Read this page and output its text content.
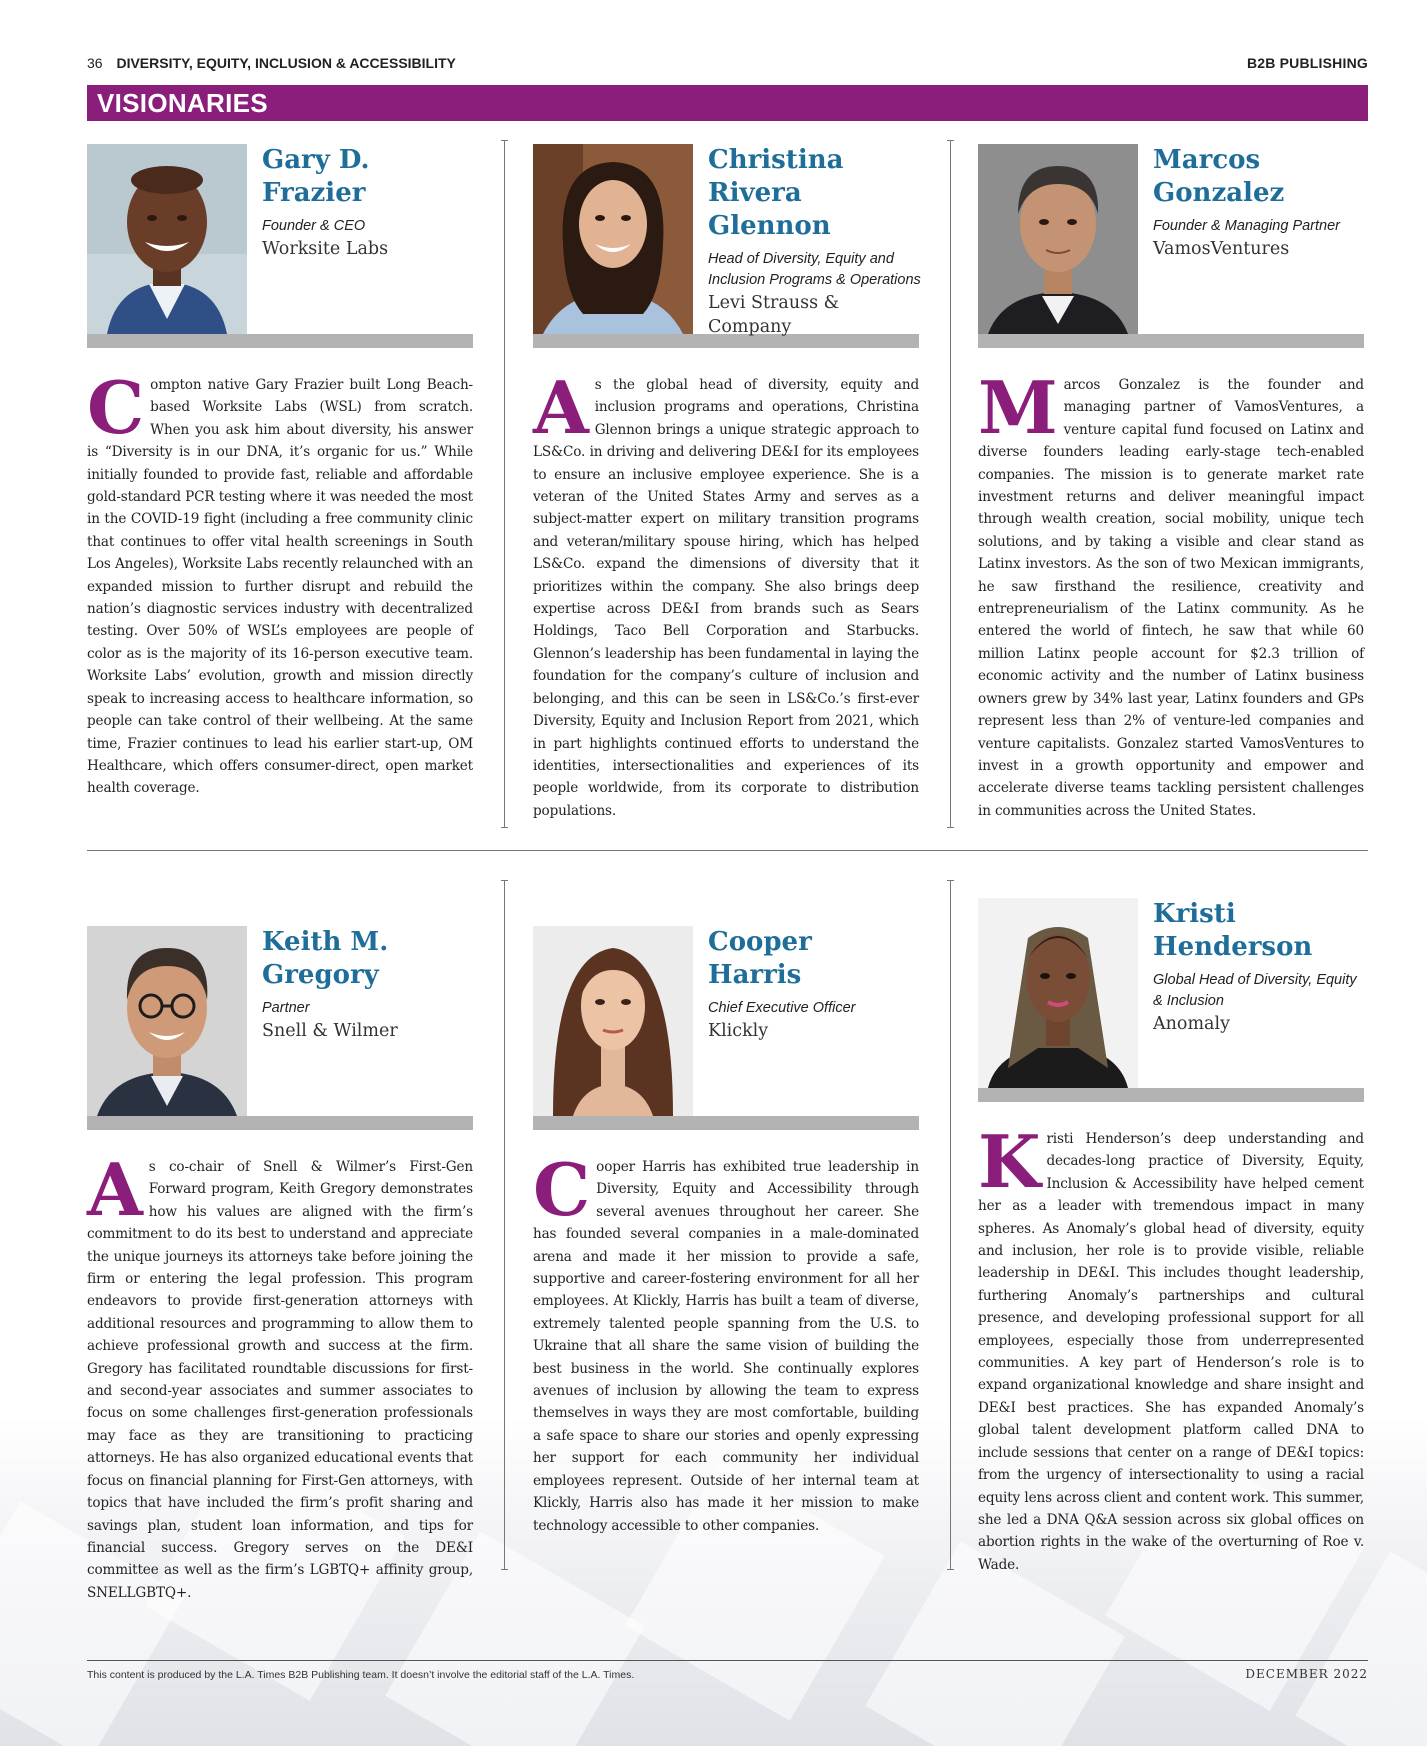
36 DIVERSITY, EQUITY, INCLUSION & ACCESSIBILITY	B2B PUBLISHING
VISIONARIES
Gary D.
Frazier
Founder & CEO
Worksite Labs

Compton native Gary Frazier built Long Beach-based Worksite Labs (WSL) from scratch. When you ask him about diversity, his answer is “Diversity is in our DNA, it’s organic for us.” While initially founded to provide fast, reliable and affordable gold-standard PCR testing where it was needed the most in the COVID-19 fight (including a free community clinic that continues to offer vital health screenings in South Los Angeles), Worksite Labs recently relaunched with an expanded mission to further disrupt and rebuild the nation’s diagnostic services industry with decentralized testing. Over 50% of WSL’s employees are people of color as is the majority of its 16-person executive team. Worksite Labs’ evolution, growth and mission directly speak to increasing access to healthcare information, so people can take control of their wellbeing. At the same time, Frazier continues to lead his earlier start-up, OM Healthcare, which offers consumer-direct, open market health coverage.

Christina
Rivera Glennon
Head of Diversity, Equity and Inclusion Programs & Operations
Levi Strauss & Company

As the global head of diversity, equity and inclusion programs and operations, Christina Glennon brings a unique strategic approach to LS&Co. in driving and delivering DE&I for its employees to ensure an inclusive employee experience. She is a veteran of the United States Army and serves as a subject-matter expert on military transition programs and veteran/military spouse hiring, which has helped LS&Co. expand the dimensions of diversity that it prioritizes within the company. She also brings deep expertise across DE&I from brands such as Sears Holdings, Taco Bell Corporation and Starbucks. Glennon’s leadership has been fundamental in laying the foundation for the company’s culture of inclusion and belonging, and this can be seen in LS&Co.’s first-ever Diversity, Equity and Inclusion Report from 2021, which in part highlights continued efforts to understand the identities, intersectionalities and experiences of its people worldwide, from its corporate to distribution populations.

Marcos
Gonzalez
Founder & Managing Partner
VamosVentures

Marcos Gonzalez is the founder and managing partner of VamosVentures, a venture capital fund focused on Latinx and diverse founders leading early-stage tech-enabled companies. The mission is to generate market rate investment returns and deliver meaningful impact through wealth creation, social mobility, unique tech solutions, and by taking a visible and clear stand as Latinx investors. As the son of two Mexican immigrants, he saw firsthand the resilience, creativity and entrepreneurialism of the Latinx community. As he entered the world of fintech, he saw that while 60 million Latinx people account for $2.3 trillion of economic activity and the number of Latinx business owners grew by 34% last year, Latinx founders and GPs represent less than 2% of venture-led companies and venture capitalists. Gonzalez started VamosVentures to invest in a growth opportunity and empower and accelerate diverse teams tackling persistent challenges in communities across the United States.

Keith M.
Gregory
Partner
Snell & Wilmer

As co-chair of Snell & Wilmer’s First-Gen Forward program, Keith Gregory demonstrates how his values are aligned with the firm’s commitment to do its best to understand and appreciate the unique journeys its attorneys take before joining the firm or entering the legal profession. This program endeavors to provide first-generation attorneys with additional resources and programming to allow them to achieve professional growth and success at the firm. Gregory has facilitated roundtable discussions for first- and second-year associates and summer associates to focus on some challenges first-generation professionals may face as they are transitioning to practicing attorneys. He has also organized educational events that focus on financial planning for First-Gen attorneys, with topics that have included the firm’s profit sharing and savings plan, student loan information, and tips for financial success. Gregory serves on the DE&I committee as well as the firm’s LGBTQ+ affinity group, SNELLGBTQ+.

Cooper
Harris
Chief Executive Officer
Klickly

Cooper Harris has exhibited true leadership in Diversity, Equity and Accessibility through several avenues throughout her career. She has founded several companies in a male-dominated arena and made it her mission to provide a safe, supportive and career-fostering environment for all her employees. At Klickly, Harris has built a team of diverse, extremely talented people spanning from the U.S. to Ukraine that all share the same vision of building the best business in the world. She continually explores avenues of inclusion by allowing the team to express themselves in ways they are most comfortable, building a safe space to share our stories and openly expressing her support for each community her individual employees represent. Outside of her internal team at Klickly, Harris also has made it her mission to make technology accessible to other companies.

Kristi
Henderson
Global Head of Diversity, Equity & Inclusion
Anomaly

Kristi Henderson’s deep understanding and decades-long practice of Diversity, Equity, Inclusion & Accessibility have helped cement her as a leader with tremendous impact in many spheres. As Anomaly’s global head of diversity, equity and inclusion, her role is to provide visible, reliable leadership in DE&I. This includes thought leadership, furthering Anomaly’s partnerships and cultural presence, and developing professional support for all employees, especially those from underrepresented communities. A key part of Henderson’s role is to expand organizational knowledge and share insight and DE&I best practices. She has expanded Anomaly’s global talent development platform called DNA to include sessions that center on a range of DE&I topics: from the urgency of intersectionality to using a racial equity lens across client and content work. This summer, she led a DNA Q&A session across six global offices on abortion rights in the wake of the overturning of Roe v. Wade.

This content is produced by the L.A. Times B2B Publishing team. It doesn’t involve the editorial staff of the L.A. Times.	DECEMBER 2022
